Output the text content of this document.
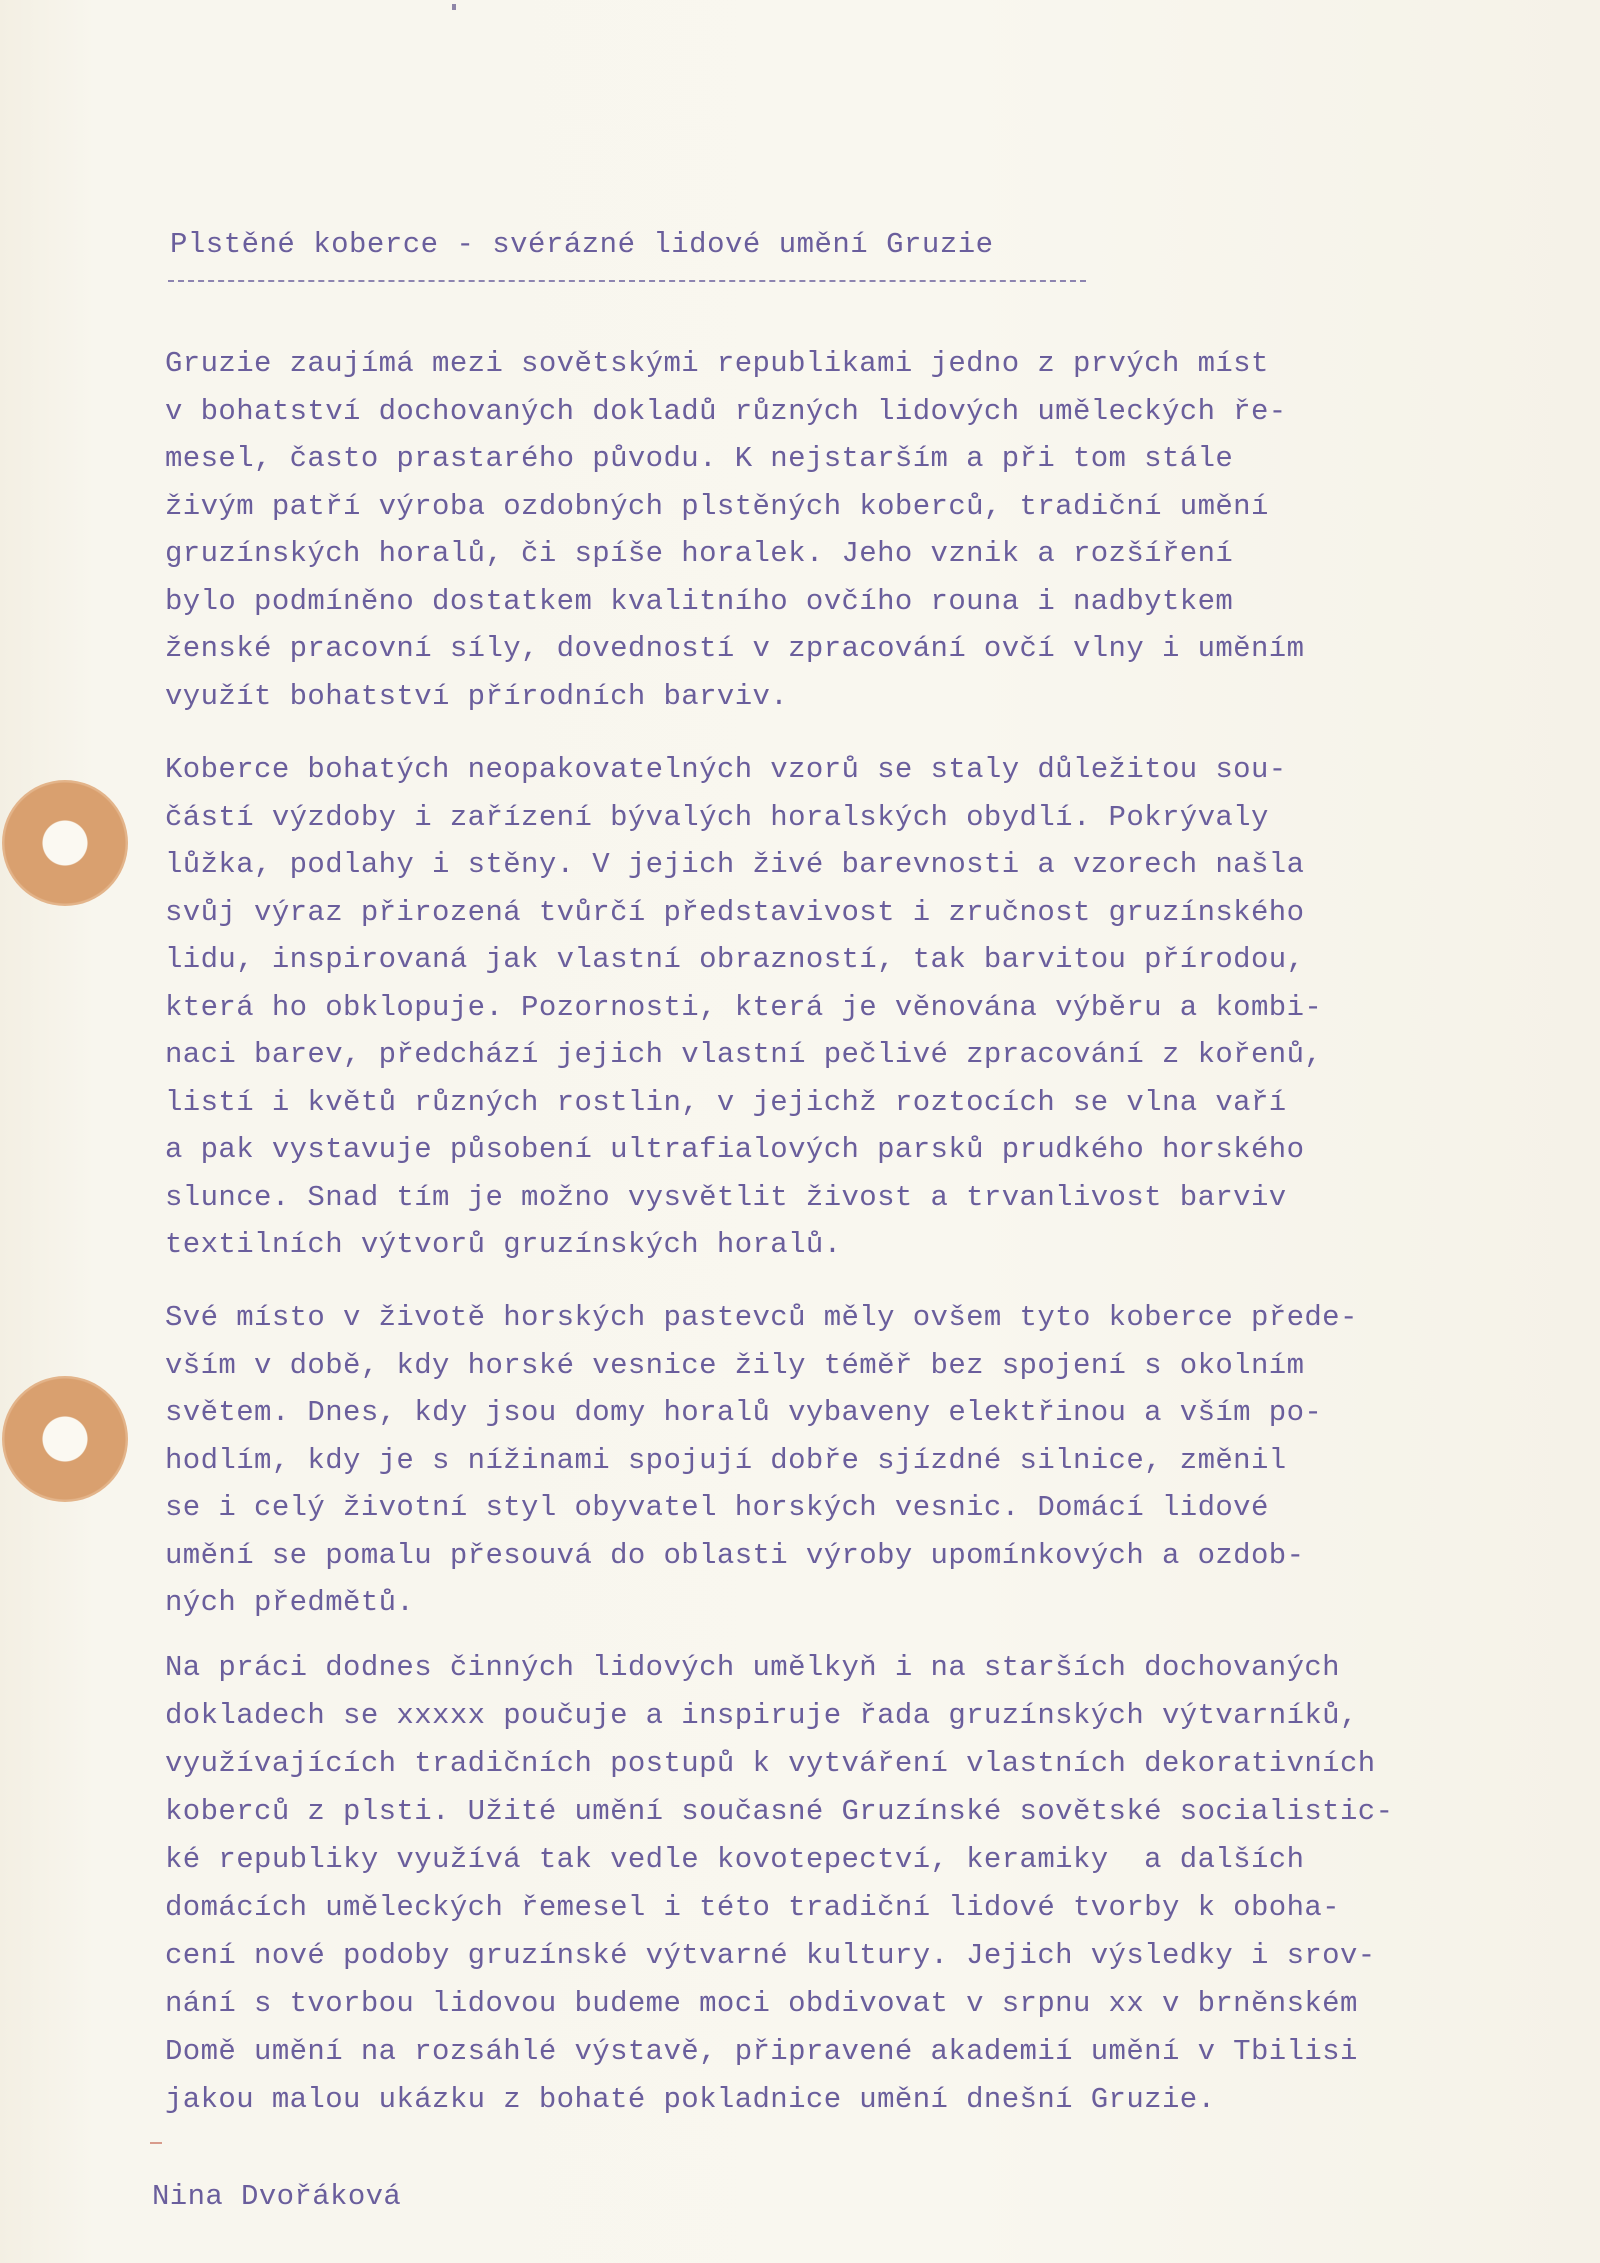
Plstěné koberce - svérázné lidové umění Gruzie
Gruzie zaujímá mezi sovětskými republikami jedno z prvých míst
v bohatství dochovaných dokladů různých lidových uměleckých ře-
mesel, často prastarého původu. K nejstarším a při tom stále
živým patří výroba ozdobných plstěných koberců, tradiční umění
gruzínských horalů, či spíše horalek. Jeho vznik a rozšíření
bylo podmíněno dostatkem kvalitního ovčího rouna i nadbytkem
ženské pracovní síly, dovedností v zpracování ovčí vlny i uměním
využít bohatství přírodních barviv.
Koberce bohatých neopakovatelných vzorů se staly důležitou sou-
částí výzdoby i zařízení bývalých horalských obydlí. Pokrývaly
lůžka, podlahy i stěny. V jejich živé barevnosti a vzorech našla
svůj výraz přirozená tvůrčí představivost i zručnost gruzínského
lidu, inspirovaná jak vlastní obrazností, tak barvitou přírodou,
která ho obklopuje. Pozornosti, která je věnována výběru a kombi-
naci barev, předchází jejich vlastní pečlivé zpracování z kořenů,
listí i květů různých rostlin, v jejichž roztocích se vlna vaří
a pak vystavuje působení ultrafialových parsků prudkého horského
slunce. Snad tím je možno vysvětlit živost a trvanlivost barviv
textilních výtvorů gruzínských horalů.
Své místo v životě horských pastevců měly ovšem tyto koberce přede-
vším v době, kdy horské vesnice žily téměř bez spojení s okolním
světem. Dnes, kdy jsou domy horalů vybaveny elektřinou a vším po-
hodlím, kdy je s nížinami spojují dobře sjízdné silnice, změnil
se i celý životní styl obyvatel horských vesnic. Domácí lidové
umění se pomalu přesouvá do oblasti výroby upomínkových a ozdob-
ných předmětů.
Na práci dodnes činných lidových umělkyň i na starších dochovaných
dokladech se xxxxx poučuje a inspiruje řada gruzínských výtvarníků,
využívajících tradičních postupů k vytváření vlastních dekorativních
koberců z plsti. Užité umění současné Gruzínské sovětské socialistic-
ké republiky využívá tak vedle kovotepectví, keramiky  a dalších
domácích uměleckých řemesel i této tradiční lidové tvorby k oboha-
cení nové podoby gruzínské výtvarné kultury. Jejich výsledky i srov-
nání s tvorbou lidovou budeme moci obdivovat v srpnu xx v brněnském
Domě umění na rozsáhlé výstavě, připravené akademií umění v Tbilisi
jakou malou ukázku z bohaté pokladnice umění dnešní Gruzie.
Nina Dvořáková
